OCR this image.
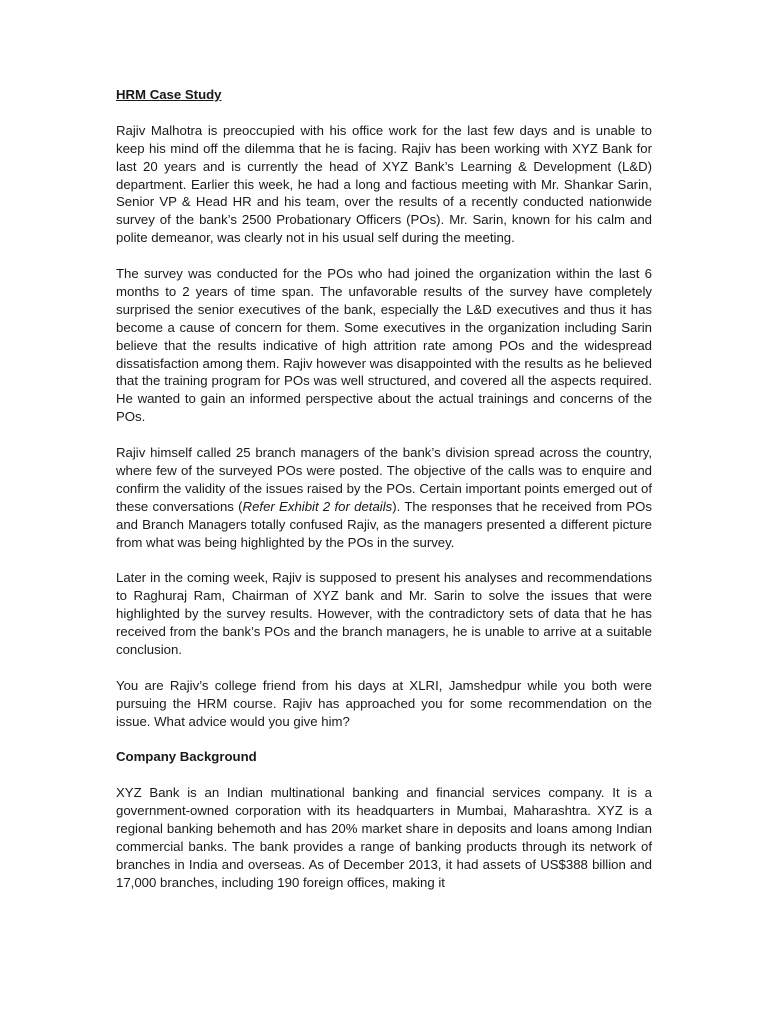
HRM Case Study
Rajiv Malhotra is preoccupied with his office work for the last few days and is unable to keep his mind off the dilemma that he is facing. Rajiv has been working with XYZ Bank for last 20 years and is currently the head of XYZ Bank’s Learning & Development (L&D) department. Earlier this week, he had a long and factious meeting with Mr. Shankar Sarin, Senior VP & Head HR and his team, over the results of a recently conducted nationwide survey of the bank’s 2500 Probationary Officers (POs). Mr. Sarin, known for his calm and polite demeanor, was clearly not in his usual self during the meeting.
The survey was conducted for the POs who had joined the organization within the last 6 months to 2 years of time span. The unfavorable results of the survey have completely surprised the senior executives of the bank, especially the L&D executives and thus it has become a cause of concern for them. Some executives in the organization including Sarin believe that the results indicative of high attrition rate among POs and the widespread dissatisfaction among them. Rajiv however was disappointed with the results as he believed that the training program for POs was well structured, and covered all the aspects required. He wanted to gain an informed perspective about the actual trainings and concerns of the POs.
Rajiv himself called 25 branch managers of the bank’s division spread across the country, where few of the surveyed POs were posted. The objective of the calls was to enquire and confirm the validity of the issues raised by the POs. Certain important points emerged out of these conversations (Refer Exhibit 2 for details). The responses that he received from POs and Branch Managers totally confused Rajiv, as the managers presented a different picture from what was being highlighted by the POs in the survey.
Later in the coming week, Rajiv is supposed to present his analyses and recommendations to Raghuraj Ram, Chairman of XYZ bank and Mr. Sarin to solve the issues that were highlighted by the survey results. However, with the contradictory sets of data that he has received from the bank’s POs and the branch managers, he is unable to arrive at a suitable conclusion.
You are Rajiv’s college friend from his days at XLRI, Jamshedpur while you both were pursuing the HRM course. Rajiv has approached you for some recommendation on the issue. What advice would you give him?
Company Background
XYZ Bank is an Indian multinational banking and financial services company. It is a government-owned corporation with its headquarters in Mumbai, Maharashtra. XYZ is a regional banking behemoth and has 20% market share in deposits and loans among Indian commercial banks. The bank provides a range of banking products through its network of branches in India and overseas. As of December 2013, it had assets of US$388 billion and 17,000 branches, including 190 foreign offices, making it
